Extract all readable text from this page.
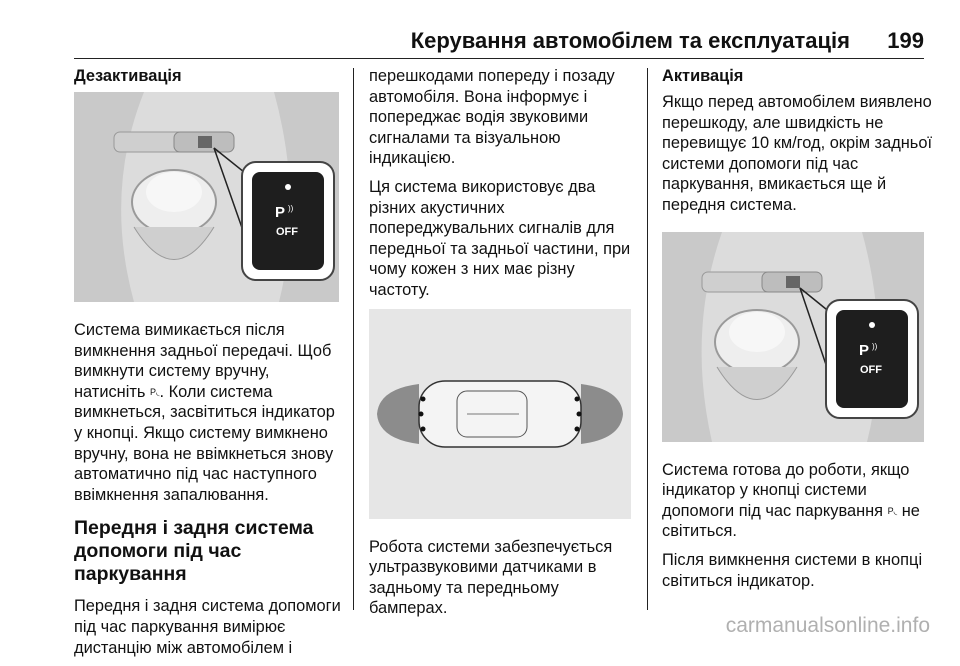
Керування автомобілем та експлуатація 199
Дезактивація
P ))
OFF

Система вимикається після вимкнення задньої передачі. Щоб вимкнути систему вручну, натисніть P◟. Коли система вимкнеться, засвітиться індикатор у кнопці. Якщо систему вимкнено вручну, вона не ввімкнеться знову автоматично під час наступного ввімкнення запалювання.

Передня і задня система допомоги під час паркування

Передня і задня система допомоги під час паркування вимірює дистанцію між автомобілем і

перешкодами попереду і позаду автомобіля. Вона інформує і попереджає водія звуковими сигналами та візуальною індикацією.

Ця система використовує два різних акустичних попереджувальних сигналів для передньої та задньої частини, при чому кожен з них має різну частоту.

Робота системи забезпечується ультразвуковими датчиками в задньому та передньому бамперах.

Активація

Якщо перед автомобілем виявлено перешкоду, але швидкість не перевищує 10 км/год, окрім задньої системи допомоги під час паркування, вмикається ще й передня система.

P ))
OFF

Система готова до роботи, якщо індикатор у кнопці системи допомоги під час паркування P◟ не світиться.

Після вимкнення системи в кнопці світиться індикатор.

carmanualsonline.info
